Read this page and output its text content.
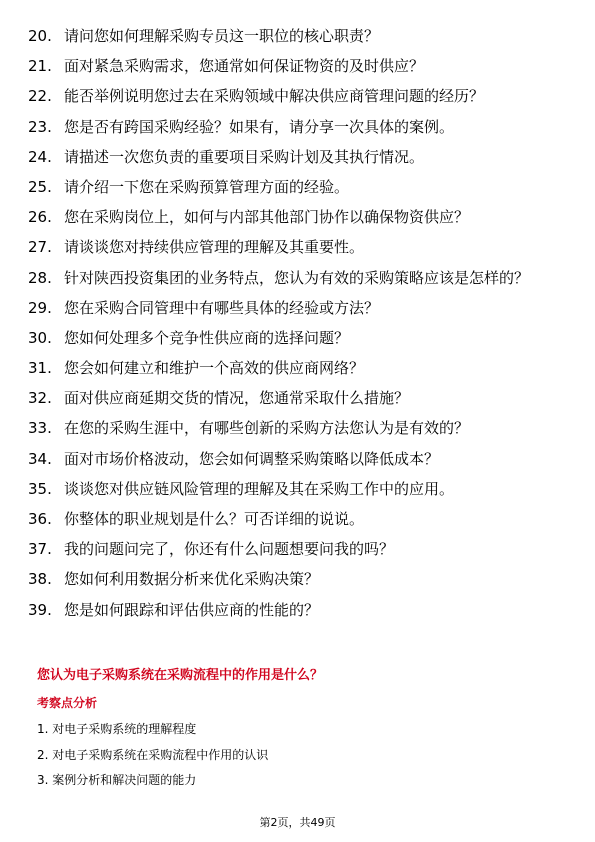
20. 请问您如何理解采购专员这一职位的核心职责？
21. 面对紧急采购需求，您通常如何保证物资的及时供应？
22. 能否举例说明您过去在采购领域中解决供应商管理问题的经历？
23. 您是否有跨国采购经验？如果有，请分享一次具体的案例。
24. 请描述一次您负责的重要项目采购计划及其执行情况。
25. 请介绍一下您在采购预算管理方面的经验。
26. 您在采购岗位上，如何与内部其他部门协作以确保物资供应？
27. 请谈谈您对持续供应管理的理解及其重要性。
28. 针对陕西投资集团的业务特点，您认为有效的采购策略应该是怎样的？
29. 您在采购合同管理中有哪些具体的经验或方法？
30. 您如何处理多个竞争性供应商的选择问题？
31. 您会如何建立和维护一个高效的供应商网络？
32. 面对供应商延期交货的情况，您通常采取什么措施？
33. 在您的采购生涯中，有哪些创新的采购方法您认为是有效的？
34. 面对市场价格波动，您会如何调整采购策略以降低成本？
35. 谈谈您对供应链风险管理的理解及其在采购工作中的应用。
36. 你整体的职业规划是什么？可否详细的说说。
37. 我的问题问完了，你还有什么问题想要问我的吗？
38. 您如何利用数据分析来优化采购决策？
39. 您是如何跟踪和评估供应商的性能的？
您认为电子采购系统在采购流程中的作用是什么？
考察点分析
1. 对电子采购系统的理解程度
2. 对电子采购系统在采购流程中作用的认识
3. 案例分析和解决问题的能力
第2页，共49页
